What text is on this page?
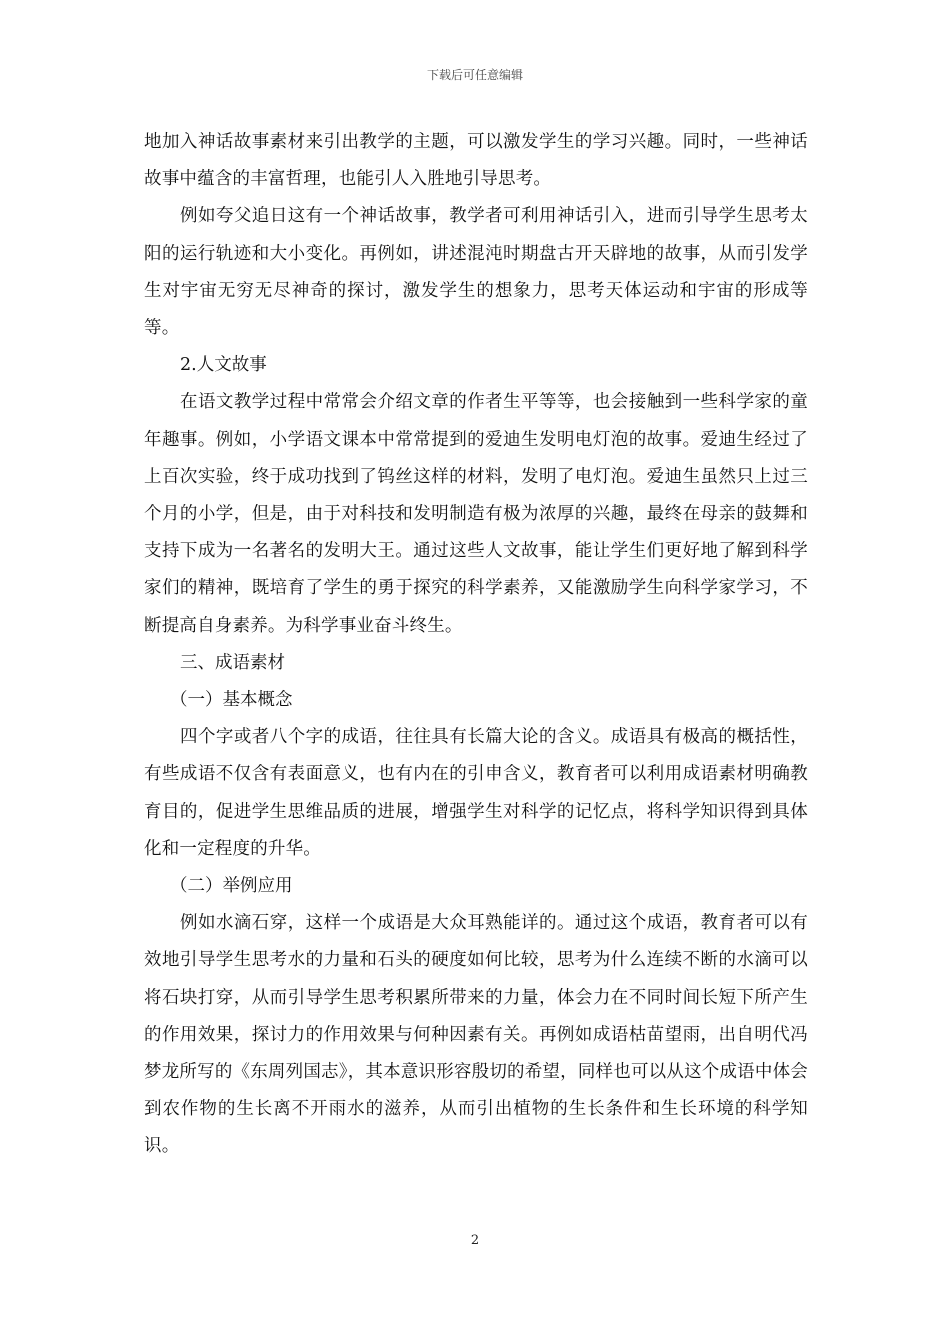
下载后可任意编辑

地加入神话故事素材来引出教学的主题，可以激发学生的学习兴趣。同时，一些神话故事中蕴含的丰富哲理，也能引人入胜地引导思考。

例如夸父追日这有一个神话故事，教学者可利用神话引入，进而引导学生思考太阳的运行轨迹和大小变化。再例如，讲述混沌时期盘古开天辟地的故事，从而引发学生对宇宙无穷无尽神奇的探讨，激发学生的想象力，思考天体运动和宇宙的形成等等。

2.人文故事

在语文教学过程中常常会介绍文章的作者生平等等，也会接触到一些科学家的童年趣事。例如，小学语文课本中常常提到的爱迪生发明电灯泡的故事。爱迪生经过了上百次实验，终于成功找到了钨丝这样的材料，发明了电灯泡。爱迪生虽然只上过三个月的小学，但是，由于对科技和发明制造有极为浓厚的兴趣，最终在母亲的鼓舞和支持下成为一名著名的发明大王。通过这些人文故事，能让学生们更好地了解到科学家们的精神，既培育了学生的勇于探究的科学素养，又能激励学生向科学家学习，不断提高自身素养。为科学事业奋斗终生。

三、成语素材

（一）基本概念

四个字或者八个字的成语，往往具有长篇大论的含义。成语具有极高的概括性，有些成语不仅含有表面意义，也有内在的引申含义，教育者可以利用成语素材明确教育目的，促进学生思维品质的进展，增强学生对科学的记忆点，将科学知识得到具体化和一定程度的升华。

（二）举例应用

例如水滴石穿，这样一个成语是大众耳熟能详的。通过这个成语，教育者可以有效地引导学生思考水的力量和石头的硬度如何比较，思考为什么连续不断的水滴可以将石块打穿，从而引导学生思考积累所带来的力量，体会力在不同时间长短下所产生的作用效果，探讨力的作用效果与何种因素有关。再例如成语枯苗望雨，出自明代冯梦龙所写的《东周列国志》，其本意识形容殷切的希望，同样也可以从这个成语中体会到农作物的生长离不开雨水的滋养，从而引出植物的生长条件和生长环境的科学知识。

2
